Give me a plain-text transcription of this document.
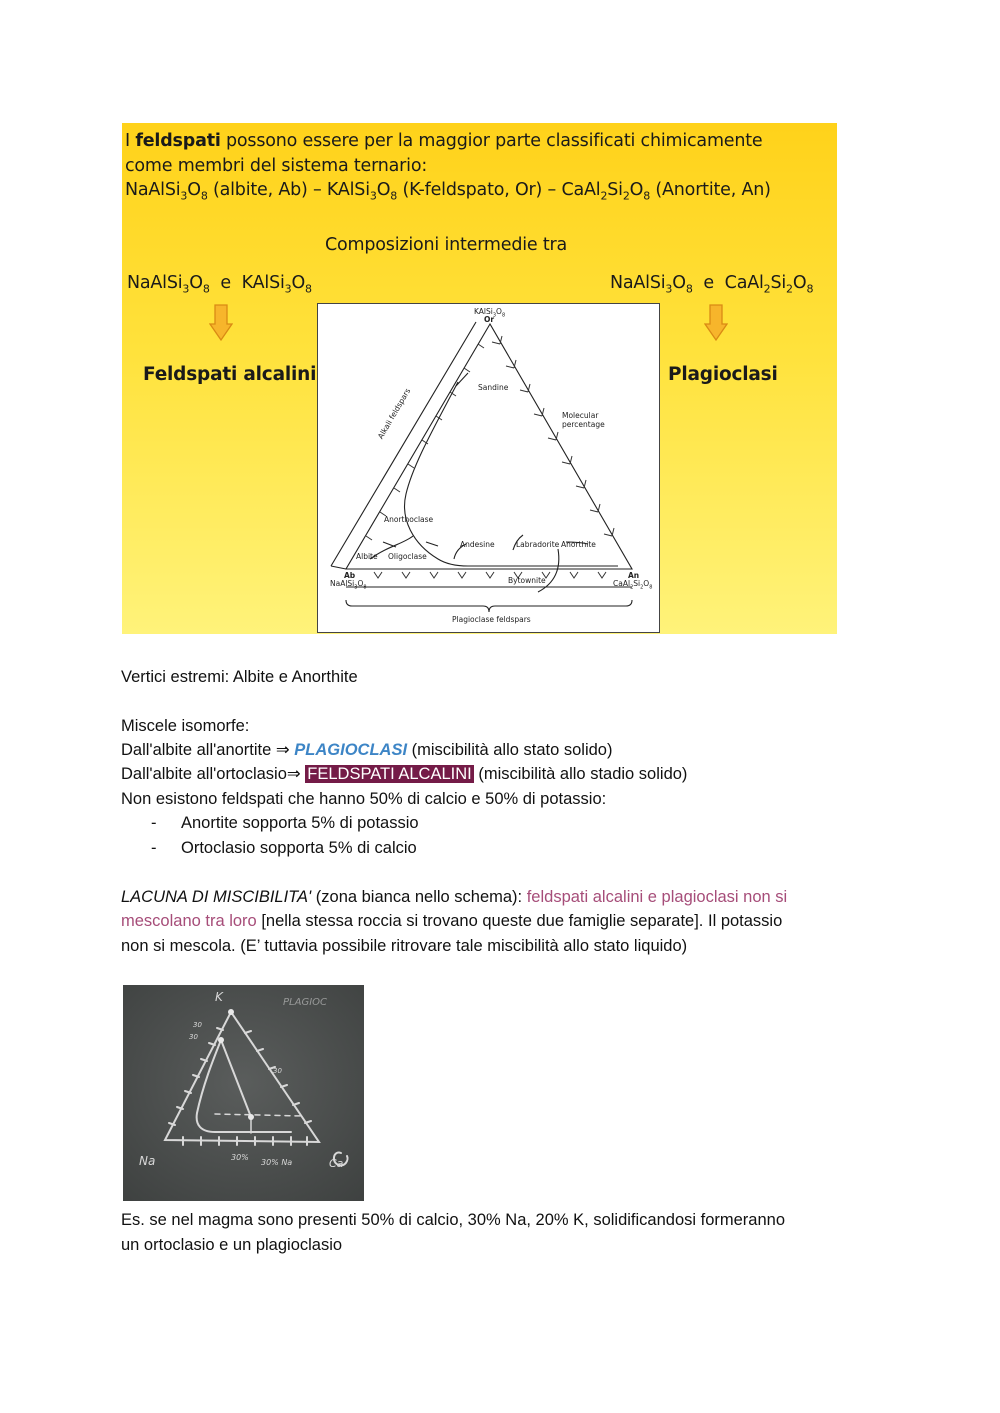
I feldspati possono essere per la maggior parte classificati chimicamente
come membri del sistema ternario:
$NaAlSi_3O_8$ (albite, $Ab) - KAlSi_3O_8$ (K-feldspato, $Or) - CaAl_2Si_2O_8$ (Anortite, An)
Composizioni intermedie tra
$NaAlSi_3O_8$ e $KAlSi_3O_8$	$NaAlSi_3O_8$ e $CaAl_2Si_2O_8$
Feldspati alcalini	Plagioclasi
$KAlSi_3O_8$
Or
Sandine
Molecular
percentage
Alkali feldspars
Anorthoclase
Andesine	Labradorite Anorthite
Albite Oligoclase
Ab
$NaAlSi_3O_8$
Bytownite
An
$CaAl_2Si_2O_8$
Plagioclase feldspars
Vertici estremi: Albite e Anorthite
Miscele isomorfe:
Dall'albite all'anortite ⇒ PLAGIOCLASI (miscibilità allo stato solido)
Dall'albite all'ortoclasio⇒ FELDSPATI ALCALINI (miscibilità allo stadio solido)
Non esistono feldspati che hanno 50% di calcio e 50% di potassio:
- Anortite sopporta 5% di potassio
- Ortoclasio sopporta 5% di calcio
LACUNA DI MISCIBILITA' (zona bianca nello schema): feldspati alcalini e plagioclasi non si
mescolano tra loro [nella stessa roccia si trovano queste due famiglie separate]. Il potassio
non si mescola. (E’ tuttavia possibile ritrovare tale miscibilità allo stato liquido)
K
Na	Ca
PLAGIOC
30%
30% Na
30
30
30
Es. se nel magma sono presenti 50% di calcio, 30% Na, 20% K, solidificandosi formeranno
un ortoclasio e un plagioclasio
